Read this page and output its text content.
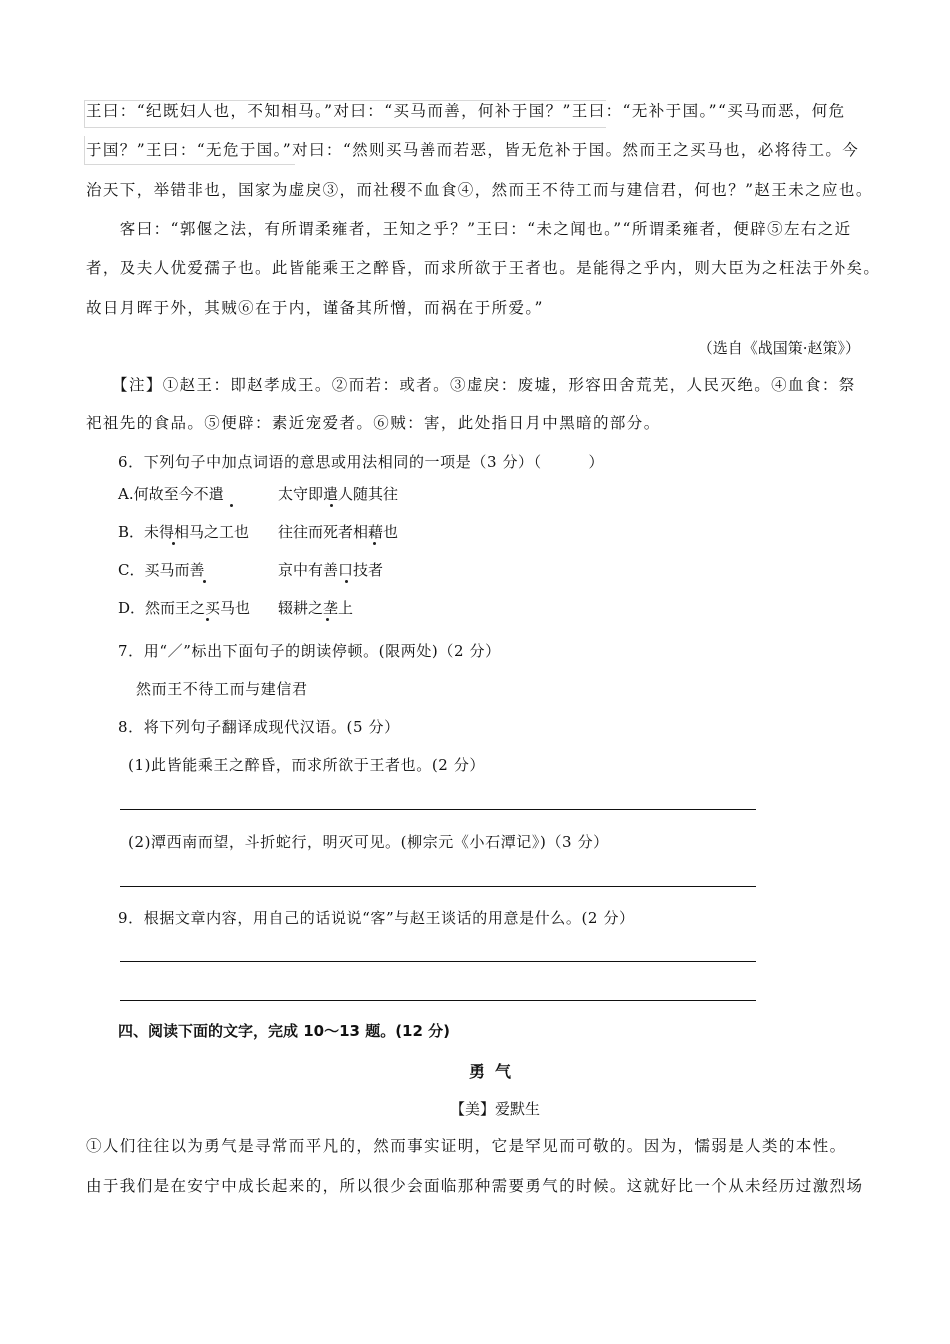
王曰：“纪既妇人也，不知相马。”对曰：“买马而善，何补于国？”王曰：“无补于国。”“买马而恶，何危
于国？”王曰：“无危于国。”对曰：“然则买马善而若恶，皆无危补于国。然而王之买马也，必将待工。今
治天下，举错非也，国家为虚戾③，而社稷不血食④，然而王不待工而与建信君，何也？”赵王未之应也。
　　客曰：“郭偃之法，有所谓柔雍者，王知之乎？”王曰：“未之闻也。”“所谓柔雍者，便辟⑤左右之近
者，及夫人优爱孺子也。此皆能乘王之醉昏，而求所欲于王者也。是能得之乎内，则大臣为之枉法于外矣。
故日月晖于外，其贼⑥在于内，谨备其所憎，而祸在于所爱。”
（选自《战国策·赵策》）
　　【注】①赵王：即赵孝成王。②而若：或者。③虚戾：废墟，形容田舍荒芜，人民灭绝。④血食：祭
祀祖先的食品。⑤便辟：素近宠爱者。⑥贼：害，此处指日月中黑暗的部分。
6．下列句子中加点词语的意思或用法相同的一项是（3 分）（　　　）
A.何故至今不遣	太守即遣人随其往
B．未得相马之工也 往往而死者相藉也
C．买马而善	京中有善口技者
D．然而王之买马也 辍耕之垄上
7．用“／”标出下面句子的朗读停顿。(限两处)（2 分）
然而王不待工而与建信君
8．将下列句子翻译成现代汉语。(5 分）
(1)此皆能乘王之醉昏，而求所欲于王者也。(2 分）
(2)潭西南而望，斗折蛇行，明灭可见。(柳宗元《小石潭记》)（3 分）
9．根据文章内容，用自己的话说说“客”与赵王谈话的用意是什么。(2 分）
四、阅读下面的文字，完成 10～13 题。(12 分)
勇气
【美】爱默生
①人们往往以为勇气是寻常而平凡的，然而事实证明，它是罕见而可敬的。因为，懦弱是人类的本性。
由于我们是在安宁中成长起来的，所以很少会面临那种需要勇气的时候。这就好比一个从未经历过激烈场
